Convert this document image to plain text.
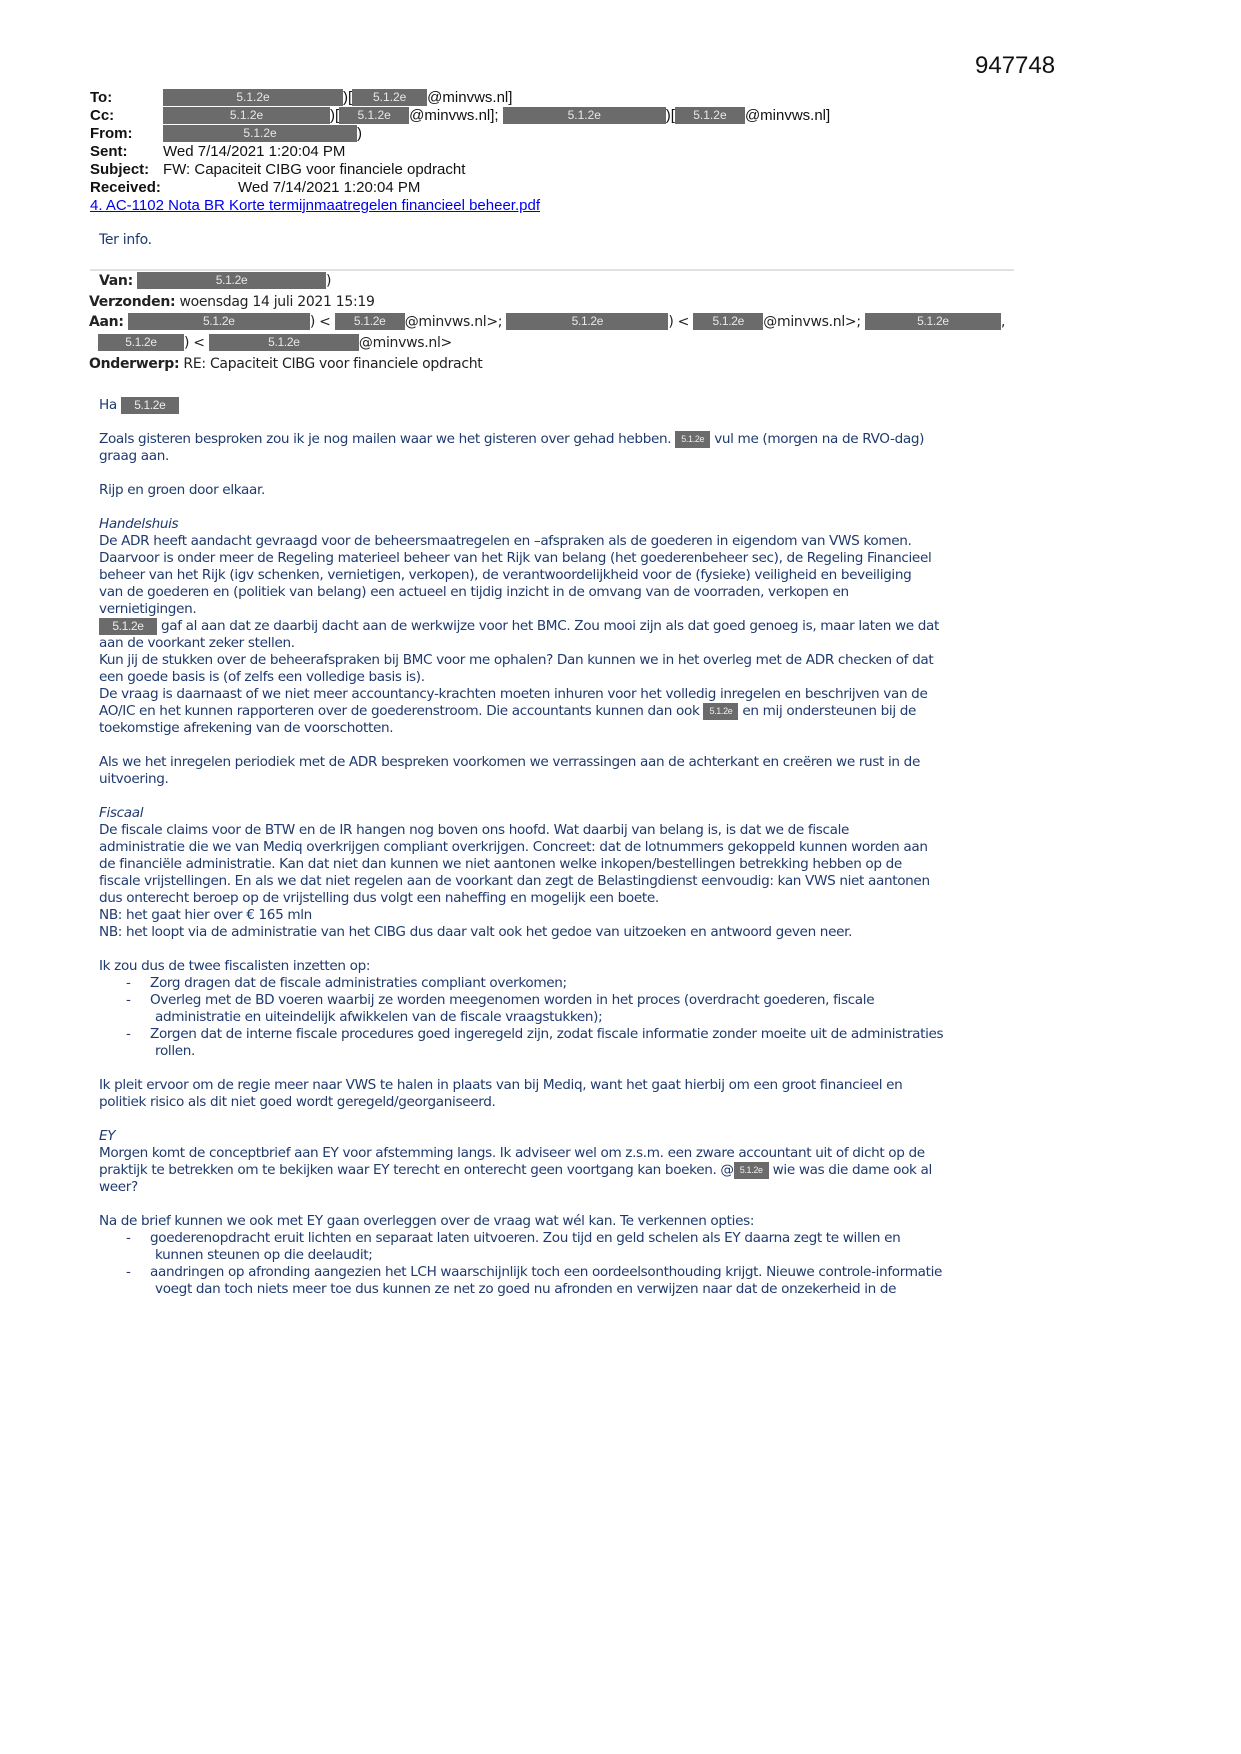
947748
To:	5.1.2e	)[ 5.1.2e @minvws.nl]
Cc:	5.1.2e	)[ 5.1.2e @minvws.nl];	5.1.2e	)[ 5.1.2e @minvws.nl]
From:	5.1.2e	)
Sent: Wed 7/14/2021 1:20:04 PM
Subject: FW: Capaciteit CIBG voor financiele opdracht
Received:	Wed 7/14/2021 1:20:04 PM
4. AC-1102 Nota BR Korte termijnmaatregelen financieel beheer.pdf
Ter info.
Van:	5.1.2e	)
Verzonden: woensdag 14 juli 2021 15:19
Aan:	5.1.2e	) < 5.1.2e @minvws.nl>;	5.1.2e	) < 5.1.2e @minvws.nl>;	5.1.2e	,
5.1.2e ) <	5.1.2e	@minvws.nl>
Onderwerp: RE: Capaciteit CIBG voor financiele opdracht
Ha 5.1.2e
Zoals gisteren besproken zou ik je nog mailen waar we het gisteren over gehad hebben. 5.1.2e vul me (morgen na de RVO-dag)
graag aan.
Rijp en groen door elkaar.
Handelshuis
De ADR heeft aandacht gevraagd voor de beheersmaatregelen en –afspraken als de goederen in eigendom van VWS komen.
Daarvoor is onder meer de Regeling materieel beheer van het Rijk van belang (het goederenbeheer sec), de Regeling Financieel
beheer van het Rijk (igv schenken, vernietigen, verkopen), de verantwoordelijkheid voor de (fysieke) veiligheid en beveiliging
van de goederen en (politiek van belang) een actueel en tijdig inzicht in de omvang van de voorraden, verkopen en
vernietigingen.
5.1.2e gaf al aan dat ze daarbij dacht aan de werkwijze voor het BMC. Zou mooi zijn als dat goed genoeg is, maar laten we dat
aan de voorkant zeker stellen.
Kun jij de stukken over de beheerafspraken bij BMC voor me ophalen? Dan kunnen we in het overleg met de ADR checken of dat
een goede basis is (of zelfs een volledige basis is).
De vraag is daarnaast of we niet meer accountancy-krachten moeten inhuren voor het volledig inregelen en beschrijven van de
AO/IC en het kunnen rapporteren over de goederenstroom. Die accountants kunnen dan ook 5.1.2e en mij ondersteunen bij de
toekomstige afrekening van de voorschotten.
Als we het inregelen periodiek met de ADR bespreken voorkomen we verrassingen aan de achterkant en creëren we rust in de
uitvoering.
Fiscaal
De fiscale claims voor de BTW en de IR hangen nog boven ons hoofd. Wat daarbij van belang is, is dat we de fiscale
administratie die we van Mediq overkrijgen compliant overkrijgen. Concreet: dat de lotnummers gekoppeld kunnen worden aan
de financiële administratie. Kan dat niet dan kunnen we niet aantonen welke inkopen/bestellingen betrekking hebben op de
fiscale vrijstellingen. En als we dat niet regelen aan de voorkant dan zegt de Belastingdienst eenvoudig: kan VWS niet aantonen
dus onterecht beroep op de vrijstelling dus volgt een naheffing en mogelijk een boete.
NB: het gaat hier over € 165 mln
NB: het loopt via de administratie van het CIBG dus daar valt ook het gedoe van uitzoeken en antwoord geven neer.
Ik zou dus de twee fiscalisten inzetten op:
- Zorg dragen dat de fiscale administraties compliant overkomen;
- Overleg met de BD voeren waarbij ze worden meegenomen worden in het proces (overdracht goederen, fiscale
administratie en uiteindelijk afwikkelen van de fiscale vraagstukken);
- Zorgen dat de interne fiscale procedures goed ingeregeld zijn, zodat fiscale informatie zonder moeite uit de administraties
rollen.
Ik pleit ervoor om de regie meer naar VWS te halen in plaats van bij Mediq, want het gaat hierbij om een groot financieel en
politiek risico als dit niet goed wordt geregeld/georganiseerd.
EY
Morgen komt de conceptbrief aan EY voor afstemming langs. Ik adviseer wel om z.s.m. een zware accountant uit of dicht op de
praktijk te betrekken om te bekijken waar EY terecht en onterecht geen voortgang kan boeken. @ 5.1.2e wie was die dame ook al
weer?
Na de brief kunnen we ook met EY gaan overleggen over de vraag wat wél kan. Te verkennen opties:
- goederenopdracht eruit lichten en separaat laten uitvoeren. Zou tijd en geld schelen als EY daarna zegt te willen en
kunnen steunen op die deelaudit;
- aandringen op afronding aangezien het LCH waarschijnlijk toch een oordeelsonthouding krijgt. Nieuwe controle-informatie
voegt dan toch niets meer toe dus kunnen ze net zo goed nu afronden en verwijzen naar dat de onzekerheid in de
